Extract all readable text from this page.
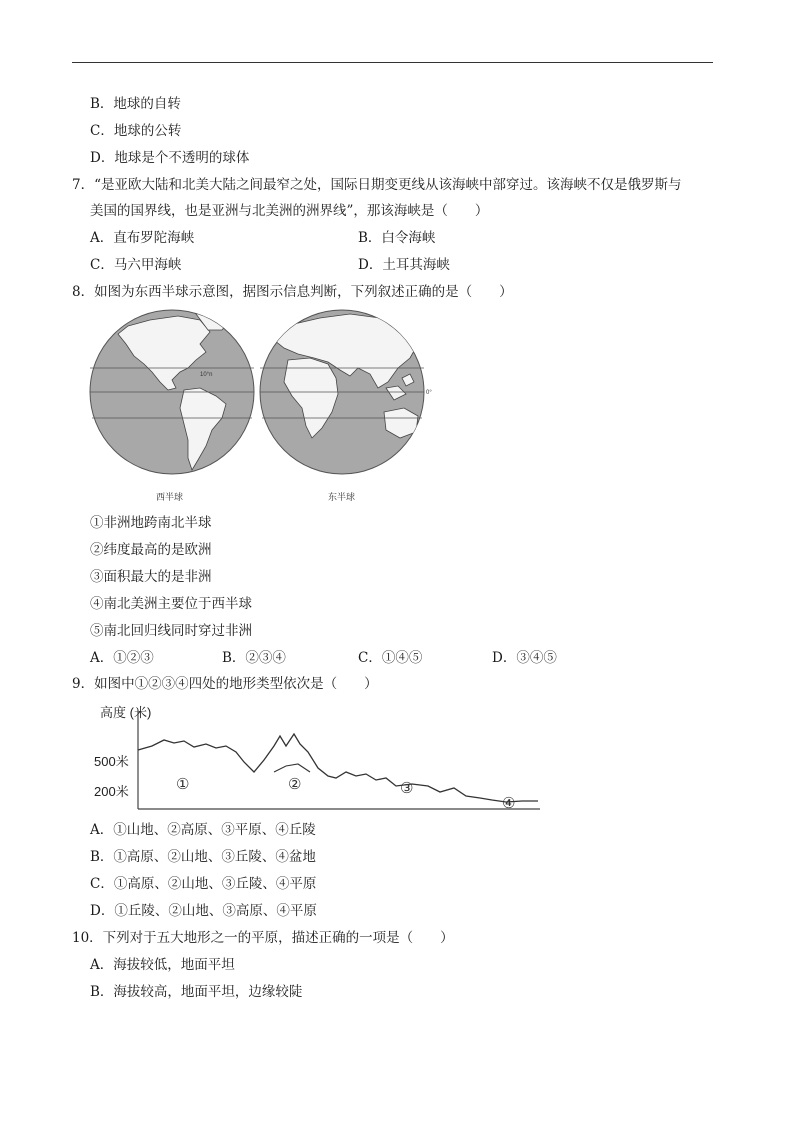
B．地球的自转
C．地球的公转
D．地球是个不透明的球体
7．“是亚欧大陆和北美大陆之间最窄之处，国际日期变更线从该海峡中部穿过。该海峡不仅是俄罗斯与
美国的国界线，也是亚洲与北美洲的洲界线”，那该海峡是（　　）
A．直布罗陀海峡	B．白令海峡
C．马六甲海峡	D．土耳其海峡
8．如图为东西半球示意图，据图示信息判断，下列叙述正确的是（　　）
10°n
0°
西半球	东半球
①非洲地跨南北半球
②纬度最高的是欧洲
③面积最大的是非洲
④南北美洲主要位于西半球
⑤南北回归线同时穿过非洲
A．①②③	B．②③④	C．①④⑤	D．③④⑤
9．如图中①②③④四处的地形类型依次是（　　）
高度 (米)
500米
200米	①	②	③
④
A．①山地、②高原、③平原、④丘陵
B．①高原、②山地、③丘陵、④盆地
C．①高原、②山地、③丘陵、④平原
D．①丘陵、②山地、③高原、④平原
10．下列对于五大地形之一的平原，描述正确的一项是（　　）
A．海拔较低，地面平坦
B．海拔较高，地面平坦，边缘较陡
